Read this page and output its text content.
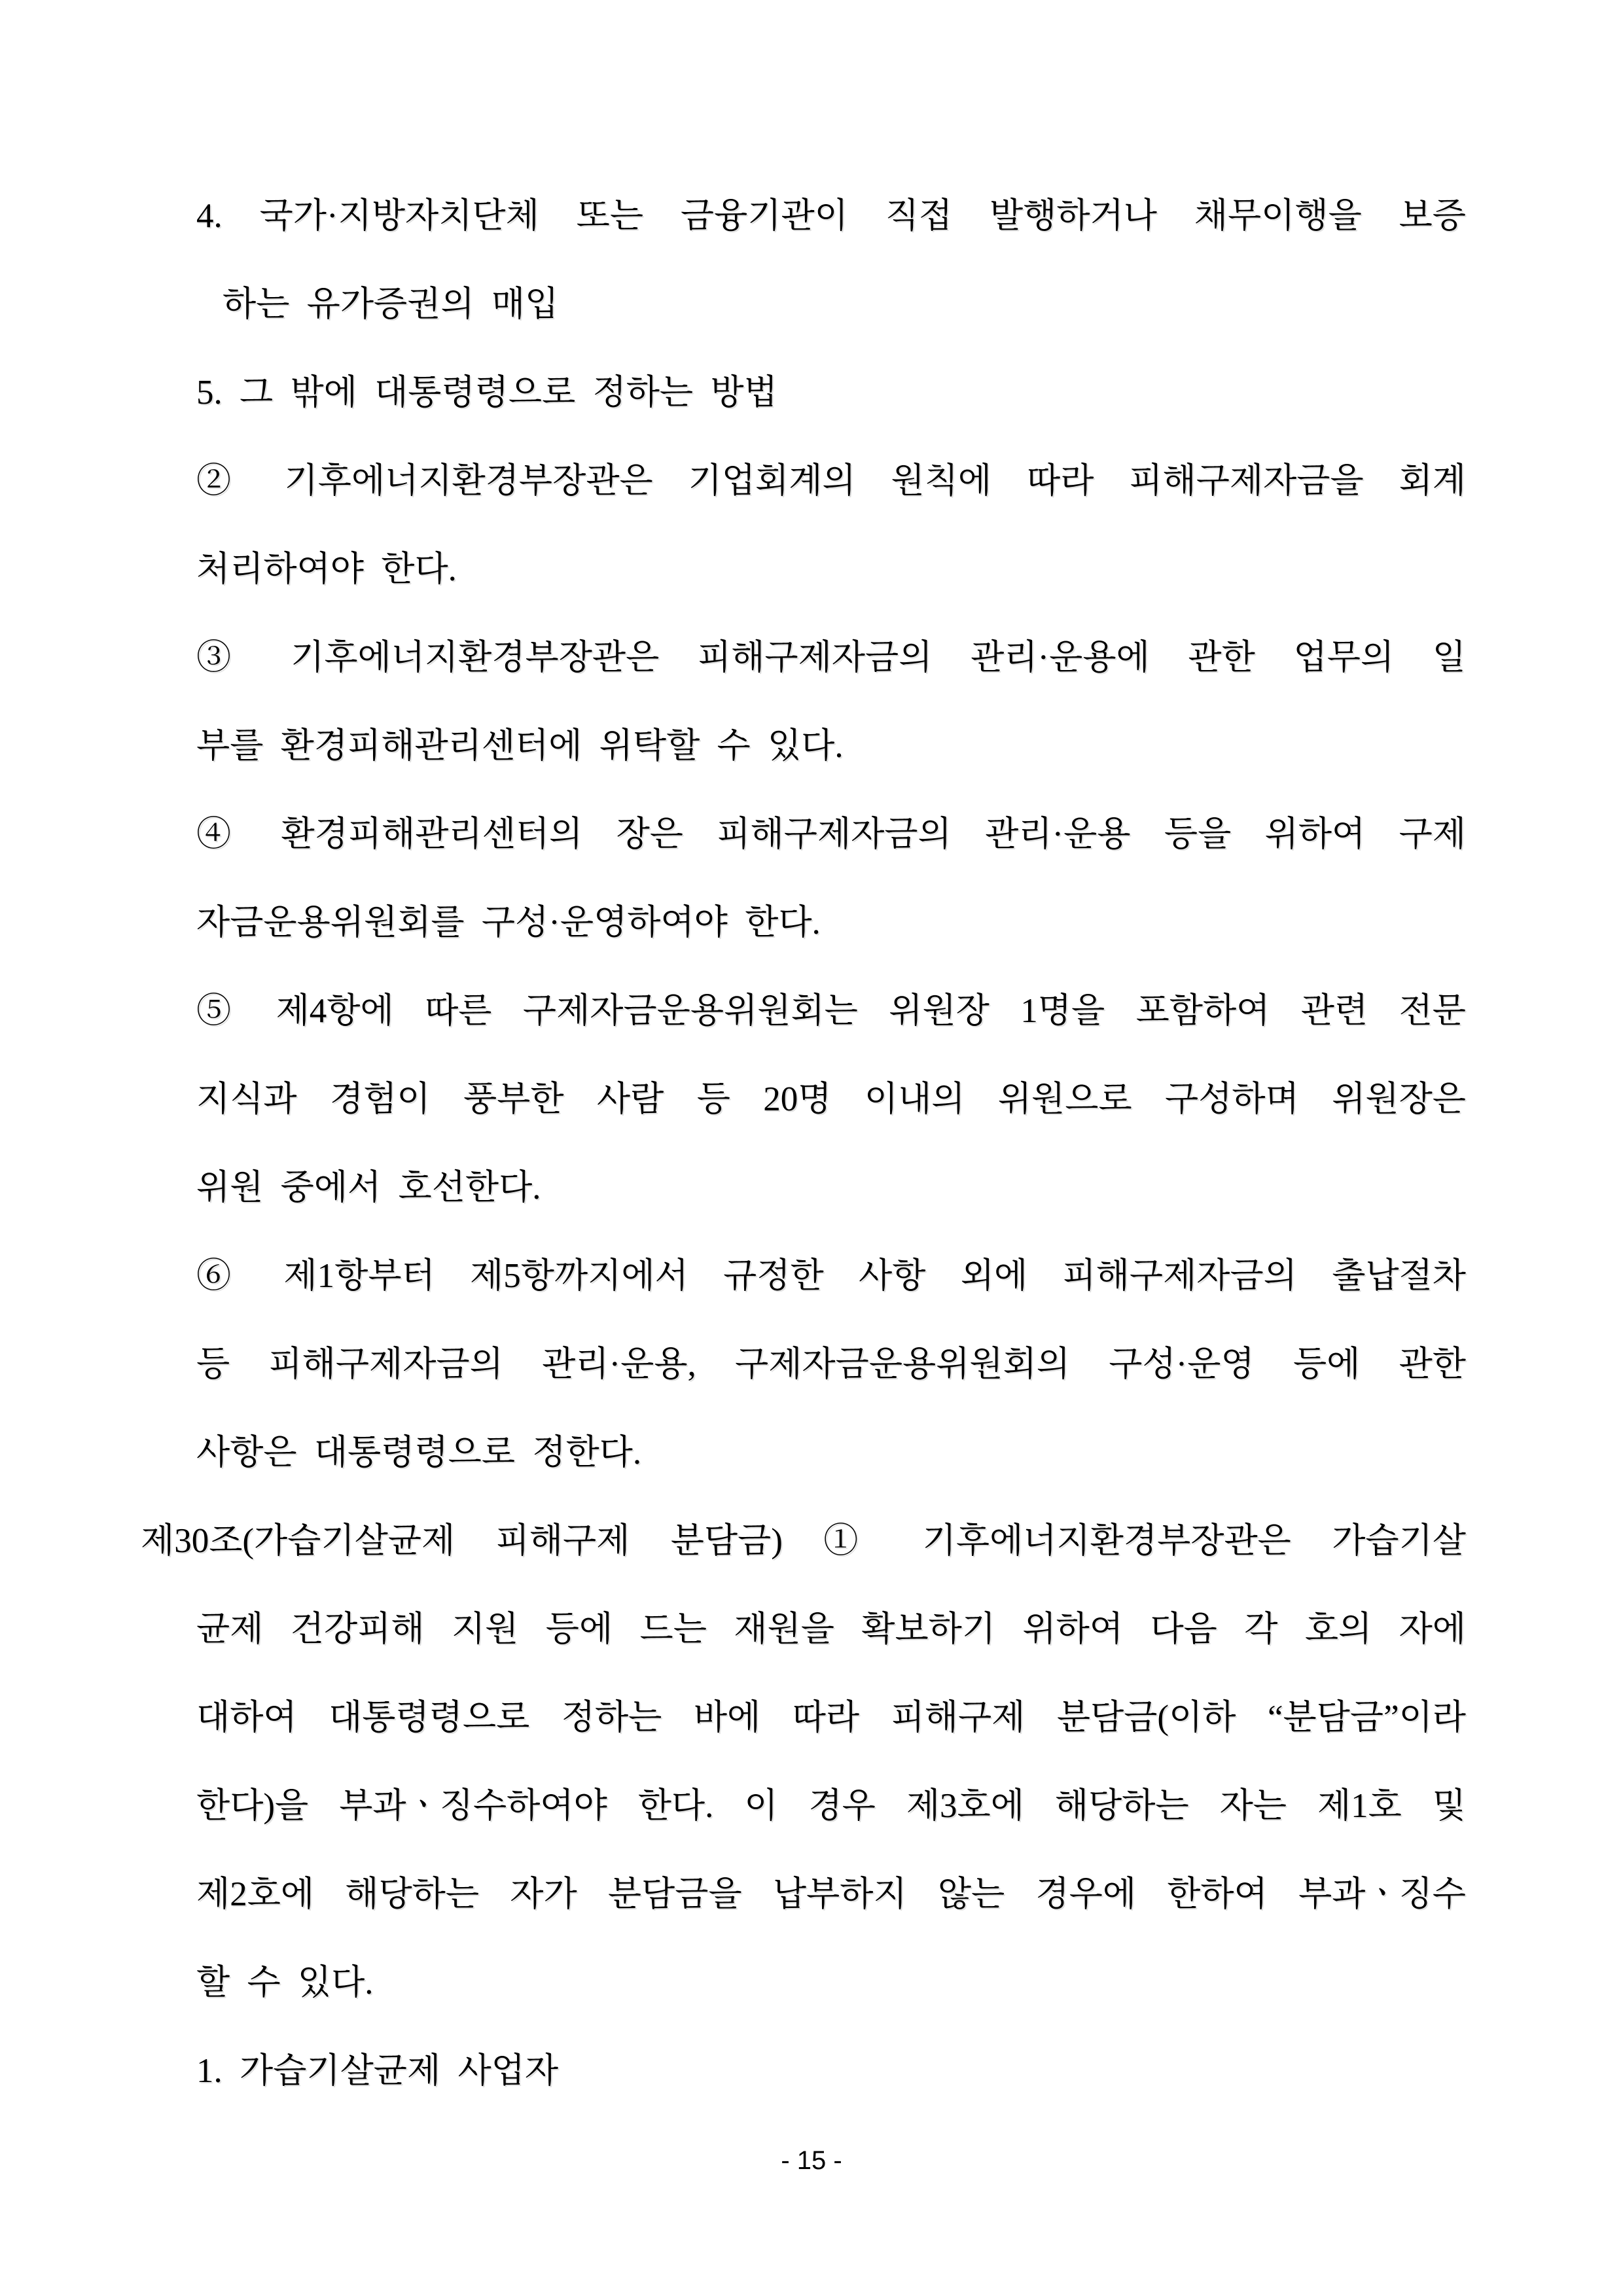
4. 국가·지방자치단체 또는 금융기관이 직접 발행하거나 채무이행을 보증
하는 유가증권의 매입
5. 그 밖에 대통령령으로 정하는 방법
② 기후에너지환경부장관은 기업회계의 원칙에 따라 피해구제자금을 회계
처리하여야 한다.
③ 기후에너지환경부장관은 피해구제자금의 관리·운용에 관한 업무의 일
부를 환경피해관리센터에 위탁할 수 있다.
④ 환경피해관리센터의 장은 피해구제자금의 관리·운용 등을 위하여 구제
자금운용위원회를 구성·운영하여야 한다.
⑤ 제4항에 따른 구제자금운용위원회는 위원장 1명을 포함하여 관련 전문
지식과 경험이 풍부한 사람 등 20명 이내의 위원으로 구성하며 위원장은
위원 중에서 호선한다.
⑥ 제1항부터 제5항까지에서 규정한 사항 외에 피해구제자금의 출납절차
등 피해구제자금의 관리·운용, 구제자금운용위원회의 구성·운영 등에 관한
사항은 대통령령으로 정한다.
제30조(가습기살균제 피해구제 분담금) ① 기후에너지환경부장관은 가습기살
균제 건강피해 지원 등에 드는 재원을 확보하기 위하여 다음 각 호의 자에
대하여 대통령령으로 정하는 바에 따라 피해구제 분담금(이하 “분담금”이라
한다)을 부과ㆍ징수하여야 한다. 이 경우 제3호에 해당하는 자는 제1호 및
제2호에 해당하는 자가 분담금을 납부하지 않는 경우에 한하여 부과ㆍ징수
할 수 있다.
1. 가습기살균제 사업자
- 15 -
